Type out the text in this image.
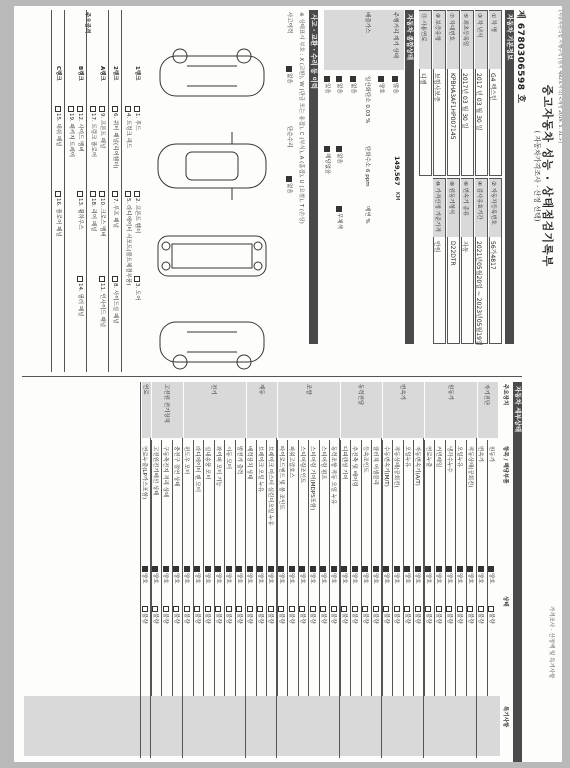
[자동차관리법 시행규칙 [별지 제82호서식] <개정 2019. 5. 31.>]
중고자동차 성능 · 상태점검기록부
( 자동차가격조사 · 산정 선택)
제 6780306598 호
자동차 기본정보
① 차 명
G4 렉스턴
② 자동차등록번호
56가4817
③ 차 년식
2017 년 03 월 30 일
④ 검사유효기간
2021년05월20일 ~ 2023년05월19일
⑤ 최초등록일
2017년 03 월 30 일
⑥ 변속기 종류
자동
⑦ 차대번호
KPBHA3AF1HP007145
⑧ 원동기형식
D22DTR
⑨ 보증유형
보험사보증
⑩ 가격산정 기준가격
만원
⑪ 사용연료
디젤
자동차 종합상태
주행거리 계기 상태
149,567
KM
많음
양호
배출가스
일산화탄소 0.03 %
탄화수소 6 ppm
매연 %
없음
없음
없음
무채색
있음
해당없음
사고 · 교환 · 수리 등 이력
※ 상태표시 부호 : X (교환), W (판금 또는 용접), C (부식), A (흠집), U (요철), T (손상)
사고이력
없음
단순수리
없음
주요골격
1랭크
1. 후드
2. 프론트 휀더
3. 도어
4. 트렁크 리드
5. 라디에이터 서포트(볼트체결부품)
2랭크
6. 쿼터 패널(리어휀더)
7. 루프 패널
8. 사이드실 패널
A랭크
9. 프론트 패널
10. 크로스 멤버
11. 인사이드 패널
17. 트렁크 플로어
18. 리어 패널
B랭크
12. 사이드 멤버
13. 휠하우스
14. 필러 패널
19. 패키지 트레이
C랭크
15. 대쉬 패널
16. 플로어 패널
자동차 세부상태
주요장치
항목 / 해당부품
상태
특기사항
자기진단
원동기
양호
불량
변속기
양호
불량
원동기
작동상태(공회전)
양호
불량
오일누유
양호
불량
냉각수누수
양호
불량
커먼레일
양호
불량
연료누출
양호
불량
변속기
자동변속기(A/T)
양호
불량
오일누유
양호
불량
작동상태(공회전)
양호
불량
수동변속기(M/T)
양호
불량
동력전달
클러치 어셈블리
양호
불량
등속조인트
양호
불량
추진축 및 베어링
양호
불량
디피렌셜 기어
양호
불량
조향
동력조향 작동 오일 누유
양호
불량
스티어링 펌프
양호
불량
스티어링 기어(MDPS포함)
양호
불량
스티어링조인트
양호
불량
파워고압호스
양호
불량
타이로드엔드 및 볼 조인트
양호
불량
제동
브레이크 마스터 실린더오일 누유
양호
불량
브레이크 오일 누유
양호
불량
배력장치 상태
양호
불량
전기
발전기 출력
양호
불량
시동 모터
양호
불량
와이퍼 모터 기능
양호
불량
실내송풍 모터
양호
불량
라디에이터 팬 모터
양호
불량
윈도우 모터
양호
불량
고전원 전기장치
충전구 절연 상태
양호
불량
구동축전지 격리 상태
양호
불량
고전원전기배선 상태
양호
불량
연료
연료누출(LP가스포함)
양호
불량	가격조사 · 산정액 및 특기사항
